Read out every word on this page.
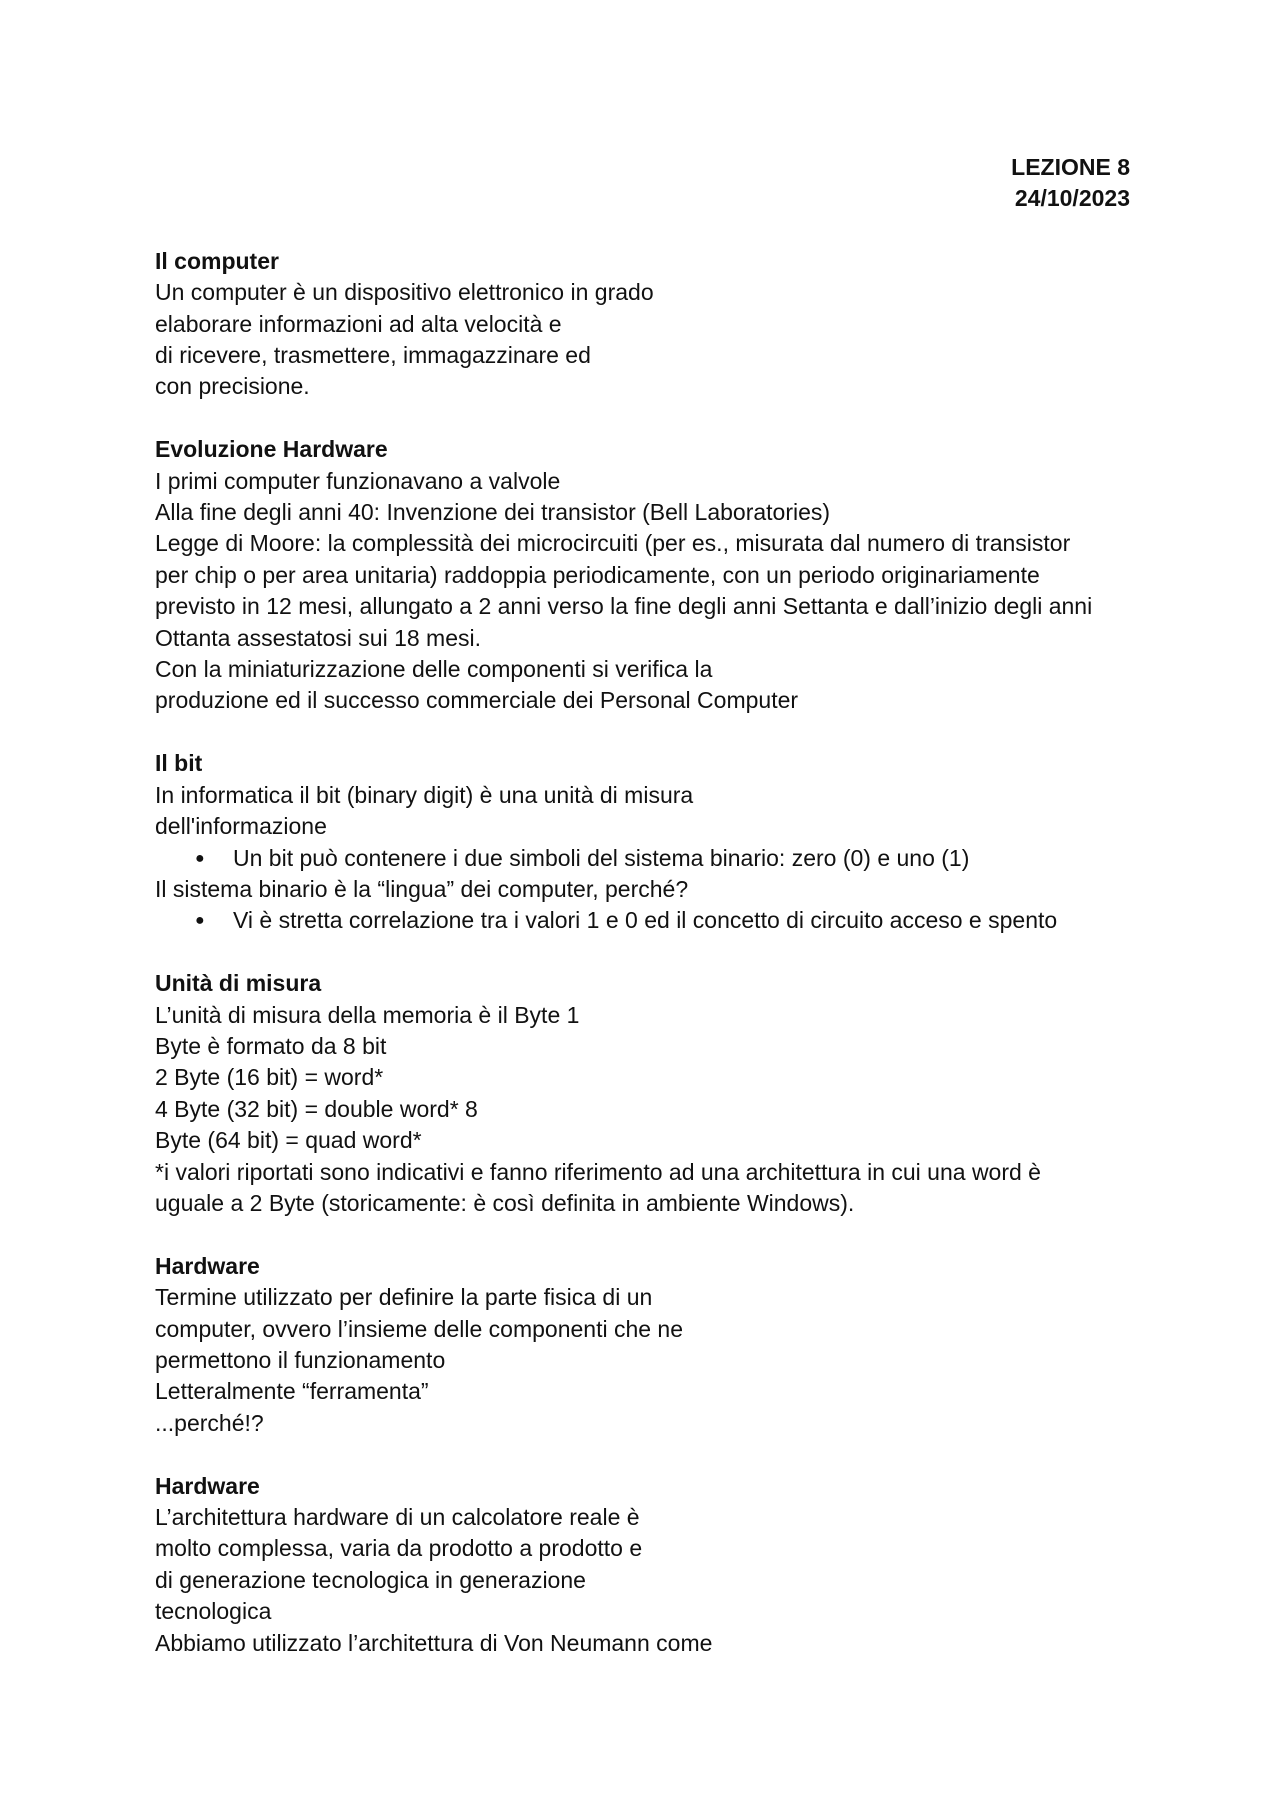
LEZIONE 8
24/10/2023
Il computer
Un computer è un dispositivo elettronico in grado
elaborare informazioni ad alta velocità e
di ricevere, trasmettere, immagazzinare ed
con precisione.
Evoluzione Hardware
I primi computer funzionavano a valvole
Alla fine degli anni 40: Invenzione dei transistor (Bell Laboratories)
Legge di Moore: la complessità dei microcircuiti (per es., misurata dal numero di transistor
per chip o per area unitaria) raddoppia periodicamente, con un periodo originariamente
previsto in 12 mesi, allungato a 2 anni verso la fine degli anni Settanta e dall’inizio degli anni
Ottanta assestatosi sui 18 mesi.
Con la miniaturizzazione delle componenti si verifica la
produzione ed il successo commerciale dei Personal Computer
Il bit
In informatica il bit (binary digit) è una unità di misura
dell'informazione
● Un bit può contenere i due simboli del sistema binario: zero (0) e uno (1)
Il sistema binario è la “lingua” dei computer, perché?
● Vi è stretta correlazione tra i valori 1 e 0 ed il concetto di circuito acceso e spento
Unità di misura
L’unità di misura della memoria è il Byte 1
Byte è formato da 8 bit
2 Byte (16 bit) = word*
4 Byte (32 bit) = double word* 8
Byte (64 bit) = quad word*
*i valori riportati sono indicativi e fanno riferimento ad una architettura in cui una word è
uguale a 2 Byte (storicamente: è così definita in ambiente Windows).
Hardware
Termine utilizzato per definire la parte fisica di un
computer, ovvero l’insieme delle componenti che ne
permettono il funzionamento
Letteralmente “ferramenta”
...perché!?
Hardware
L’architettura hardware di un calcolatore reale è
molto complessa, varia da prodotto a prodotto e
di generazione tecnologica in generazione
tecnologica
Abbiamo utilizzato l’architettura di Von Neumann come
